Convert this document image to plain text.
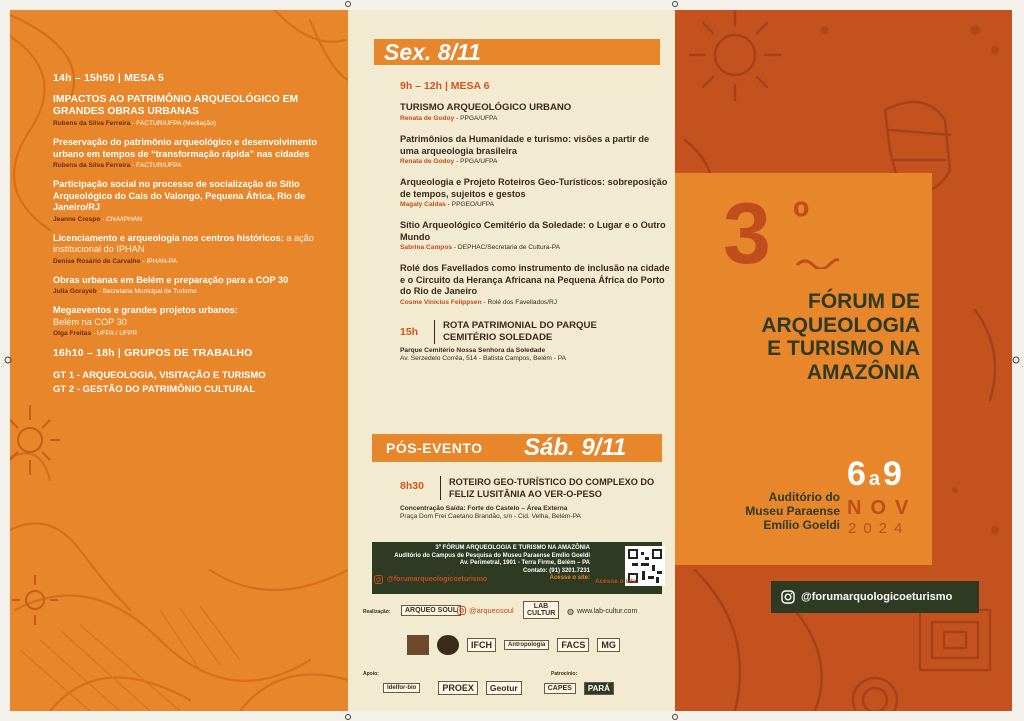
14h – 15h50 | MESA 5
IMPACTOS AO PATRIMÔNIO ARQUEOLÓGICO EM GRANDES OBRAS URBANAS
Rubens da Silva Ferreira - FACTUR/UFPA (Mediação)
Preservação do patrimônio arqueológico e desenvolvimento urbano em tempos de “transformação rápida” nas cidades
Rubens da Silva Ferreira - FACTUR/UFPA
Participação social no processo de socialização do Sítio Arqueológico do Cais do Valongo, Pequena África, Rio de Janeiro/RJ
Jeanne Crespo - CNA/IPHAN
Licenciamento e arqueologia nos centros históricos: a ação institucional do IPHAN
Denise Rosário de Carvalho - IPHAN-PA
Obras urbanas em Belém e preparação para a COP 30
Julia Gorayeb - Secretaria Municipal de Turismo
Megaeventos e grandes projetos urbanos:
Belém na COP 30
Olga Freitas - UFPA / UFPR
16h10 – 18h | GRUPOS DE TRABALHO
GT 1 - ARQUEOLOGIA, VISITAÇÃO E TURISMO
GT 2 - GESTÃO DO PATRIMÔNIO CULTURAL
Sex. 8/11
9h – 12h | MESA 6
TURISMO ARQUEOLÓGICO URBANO
Renata de Godoy - PPGA/UFPA
Patrimônios da Humanidade e turismo: visões a partir de uma arqueologia brasileira
Renata de Godoy - PPGA/UFPA
Arqueologia e Projeto Roteiros Geo-Turísticos: sobreposição de tempos, sujeitos e gestos
Magaly Caldas - PPGEO/UFPA
Sítio Arqueológico Cemitério da Soledade: o Lugar e o Outro Mundo
Sabrina Campos - DEPHAC/Secretaria de Cultura-PA
Rolé dos Favellados como instrumento de inclusão na cidade e o Circuito da Herança Africana na Pequena África do Porto do Rio de Janeiro
Cosme Vinicius Felippsen - Rolé dos Favellados/RJ
15h
ROTA PATRIMONIAL DO PARQUE CEMITÉRIO SOLEDADE
Parque Cemitério Nossa Senhora da Soledade
Av. Serzedelo Corrêa, 514 - Batista Campos, Belém - PA
PÓS-EVENTO Sáb. 9/11
8h30	ROTEIRO GEO-TURÍSTICO DO COMPLEXO DO FELIZ LUSITÂNIA AO VER-O-PESO
Concentração Saída: Forte do Castelo – Área Externa
Praça Dom Frei Caetano Brandão, s/n - Cid. Velha, Belém-PA
3 º
FÓRUM DE
ARQUEOLOGIA
E TURISMO NA
AMAZÔNIA
6 a9
NOV
2024
Auditório do
Museu Paraense
Emílio Goeldi
@forumarquologicoeturismo
3º FÓRUM ARQUEOLOGIA E TURISMO NA AMAZÔNIA
Auditório do Campus de Pesquisa do Museu Paraense Emílio Goeldi
Av. Perimetral, 1901 - Terra Firme, Belém – PA
Contato: (91) 3201.7231
Acesse o site:
@forumarqueologicoeturismo	Acesse o site:
Realização:	ARQUEO SOUL	@arqueosoul	LAB CULTUR	◍ www.lab-cultur.com
IFCH	Antropologia	FACS	MG
Apoio:	Patrocínio:
Idelfor-bio	PROEX	Geotur	CAPES	PARÁ
